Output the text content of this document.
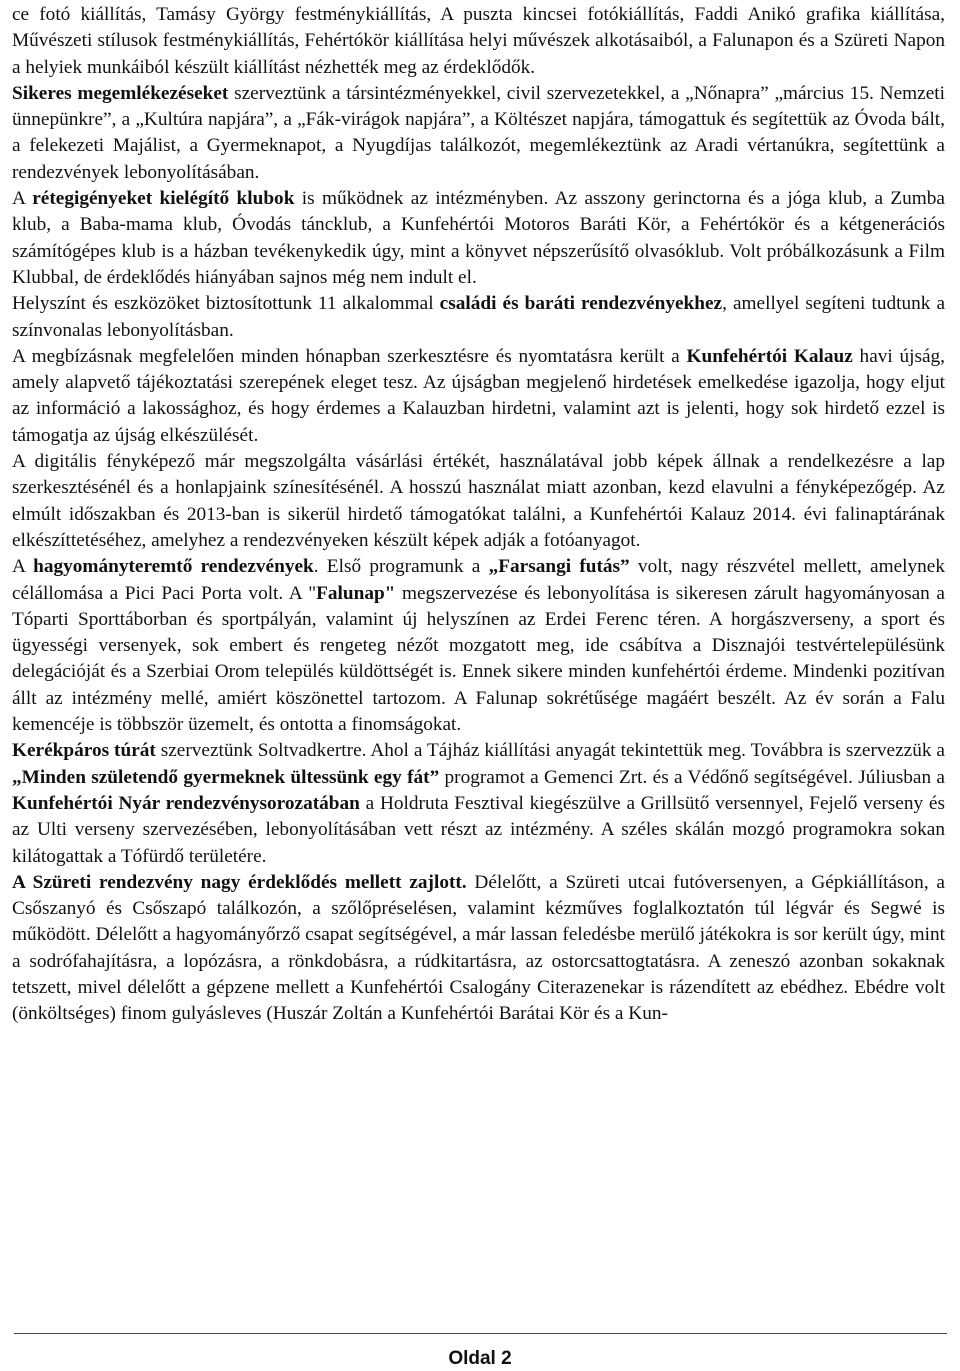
ce fotó kiállítás, Tamásy György festménykiállítás, A puszta kincsei fotókiállítás, Faddi Anikó grafika kiállítása, Művészeti stílusok festménykiállítás, Fehértókör kiállítása helyi művészek alkotásaiból, a Falunapon és a Szüreti Napon a helyiek munkáiból készült kiállítást nézhették meg az érdeklődők.

Sikeres megemlékezéseket szerveztünk a társintézményekkel, civil szervezetekkel, a „Nőnapra” „március 15. Nemzeti ünnepünkre”, a „Kultúra napjára”, a „Fák-virágok napjára”, a Költészet napjára, támogattuk és segítettük az Óvoda bált, a felekezeti Majálist, a Gyermeknapot, a Nyugdíjas találkozót, megemlékeztünk az Aradi vértanúkra, segítettünk a rendezvények lebonyolításában.

A rétegigényeket kielégítő klubok is működnek az intézményben. Az asszony gerinctorna és a jóga klub, a Zumba klub, a Baba-mama klub, Óvodás táncklub, a Kunfehértói Motoros Baráti Kör, a Fehértókör és a kétgenerációs számítógépes klub is a házban tevékenykedik úgy, mint a könyvet népszerűsítő olvasóklub. Volt próbálkozásunk a Film Klubbal, de érdeklődés hiányában sajnos még nem indult el.

Helyszínt és eszközöket biztosítottunk 11 alkalommal családi és baráti rendezvényekhez, amellyel segíteni tudtunk a színvonalas lebonyolításban.

A megbízásnak megfelelően minden hónapban szerkesztésre és nyomtatásra került a Kunfehértói Kalauz havi újság, amely alapvető tájékoztatási szerepének eleget tesz. Az újságban megjelenő hirdetések emelkedése igazolja, hogy eljut az információ a lakossághoz, és hogy érdemes a Kalauzban hirdetni, valamint azt is jelenti, hogy sok hirdető ezzel is támogatja az újság elkészülését.

A digitális fényképező már megszolgálta vásárlási értékét, használatával jobb képek állnak a rendelkezésre a lap szerkesztésénél és a honlapjaink színesítésénél. A hosszú használat miatt azonban, kezd elavulni a fényképezőgép. Az elmúlt időszakban és 2013-ban is sikerül hirdető támogatókat találni, a Kunfehértói Kalauz 2014. évi falinaptárának elkészíttetéséhez, amelyhez a rendezvényeken készült képek adják a fotóanyagot.

A hagyományteremtő rendezvények. Első programunk a „Farsangi futás” volt, nagy részvétel mellett, amelynek célállomása a Pici Paci Porta volt. A "Falunap" megszervezése és lebonyolítása is sikeresen zárult hagyományosan a Tóparti Sporttáborban és sportpályán, valamint új helyszínen az Erdei Ferenc téren. A horgászverseny, a sport és ügyességi versenyek, sok embert és rengeteg nézőt mozgatott meg, ide csábítva a Disznajói testvértelepülésünk delegációját és a Szerbiai Orom település küldöttségét is. Ennek sikere minden kunfehértói érdeme. Mindenki pozitívan állt az intézmény mellé, amiért köszönettel tartozom. A Falunap sokrétűsége magáért beszélt. Az év során a Falu kemencéje is többször üzemelt, és ontotta a finomságokat.

Kerékpáros túrát szerveztünk Soltvadkertre. Ahol a Tájház kiállítási anyagát tekintettük meg. Továbbra is szervezzük a „Minden születendő gyermeknek ültessünk egy fát” programot a Gemenci Zrt. és a Védőnő segítségével. Júliusban a Kunfehértói Nyár rendezvénysorozatában a Holdruta Fesztival kiegészülve a Grillsütő versennyel, Fejelő verseny és az Ulti verseny szervezésében, lebonyolításában vett részt az intézmény. A széles skálán mozgó programokra sokan kilátogattak a Tófürdő területére.

A Szüreti rendezvény nagy érdeklődés mellett zajlott. Délelőtt, a Szüreti utcai futóversenyen, a Gépkiállításon, a Csőszanyó és Csőszapó találkozón, a szőlőpréselésen, valamint kézműves foglalkoztatón túl légvár és Segwé is működött. Délelőtt a hagyományőrző csapat segítségével, a már lassan feledésbe merülő játékokra is sor került úgy, mint a sodrófahajításra, a lopózásra, a rönkdobásra, a rúdkitartásra, az ostorcsattogtatásra. A zeneszó azonban sokaknak tetszett, mivel délelőtt a gépzene mellett a Kunfehértói Csalogány Citerazenekar is rázendített az ebédhez. Ebédre volt (önköltséges) finom gulyásleves (Huszár Zoltán a Kunfehértói Barátai Kör és a Kun-

Oldal 2
